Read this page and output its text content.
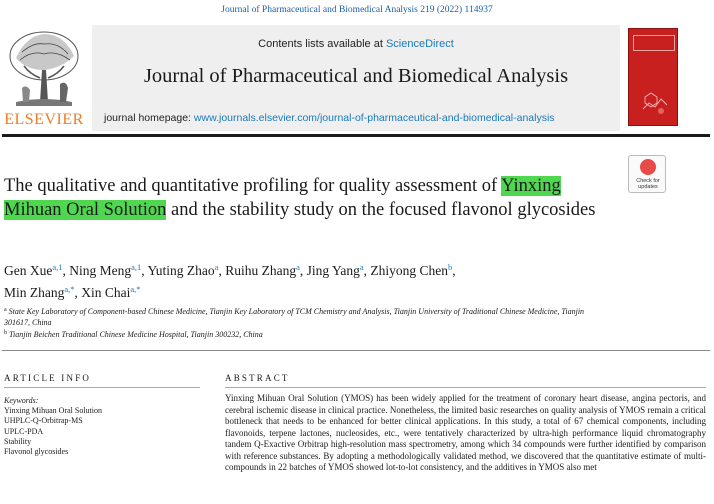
Journal of Pharmaceutical and Biomedical Analysis 219 (2022) 114937
ELSEVIER
Contents lists available at ScienceDirect
Journal of Pharmaceutical and Biomedical Analysis
journal homepage: www.journals.elsevier.com/journal-of-pharmaceutical-and-biomedical-analysis
Check for updates
The qualitative and quantitative profiling for quality assessment of Yinxing
Mihuan Oral Solution and the stability study on the focused flavonol glycosides
Gen Xue$^{a,1}$, Ning Meng$^{a,1}$, Yuting Zhao$^a$, Ruihu Zhang$^a$, Jing Yang$^a$, Zhiyong Chen$^b$,
Min Zhang$^{a,*}$, Xin Chai$^{a,*}$
$^a$ State Key Laboratory of Component-based Chinese Medicine, Tianjin Key Laboratory of TCM Chemistry and Analysis, Tianjin University of Traditional Chinese Medicine, Tianjin 301617, China
$^b$ Tianjin Beichen Traditional Chinese Medicine Hospital, Tianjin 300232, China
ARTICLE INFO	ABSTRACT
Keywords:
Yinxing Mihuan Oral Solution
UHPLC-Q-Orbitrap-MS
UPLC-PDA
Stability
Flavonol glycosides
Yinxing Mihuan Oral Solution (YMOS) has been widely applied for the treatment of coronary heart disease, angina pectoris, and cerebral ischemic disease in clinical practice. Nonetheless, the limited basic researches on quality analysis of YMOS remain a critical bottleneck that needs to be enhanced for better clinical applications. In this study, a total of 67 chemical components, including flavonoids, terpene lactones, nucleosides, etc., were tentatively characterized by ultra-high performance liquid chromatography tandem Q-Exactive Orbitrap high-resolution mass spectrometry, among which 34 compounds were further identified by comparison with reference substances. By adopting a methodologically validated method, we discovered that the quantitative estimate of multi-compounds in 22 batches of YMOS showed lot-to-lot consistency, and the additives in YMOS also met
